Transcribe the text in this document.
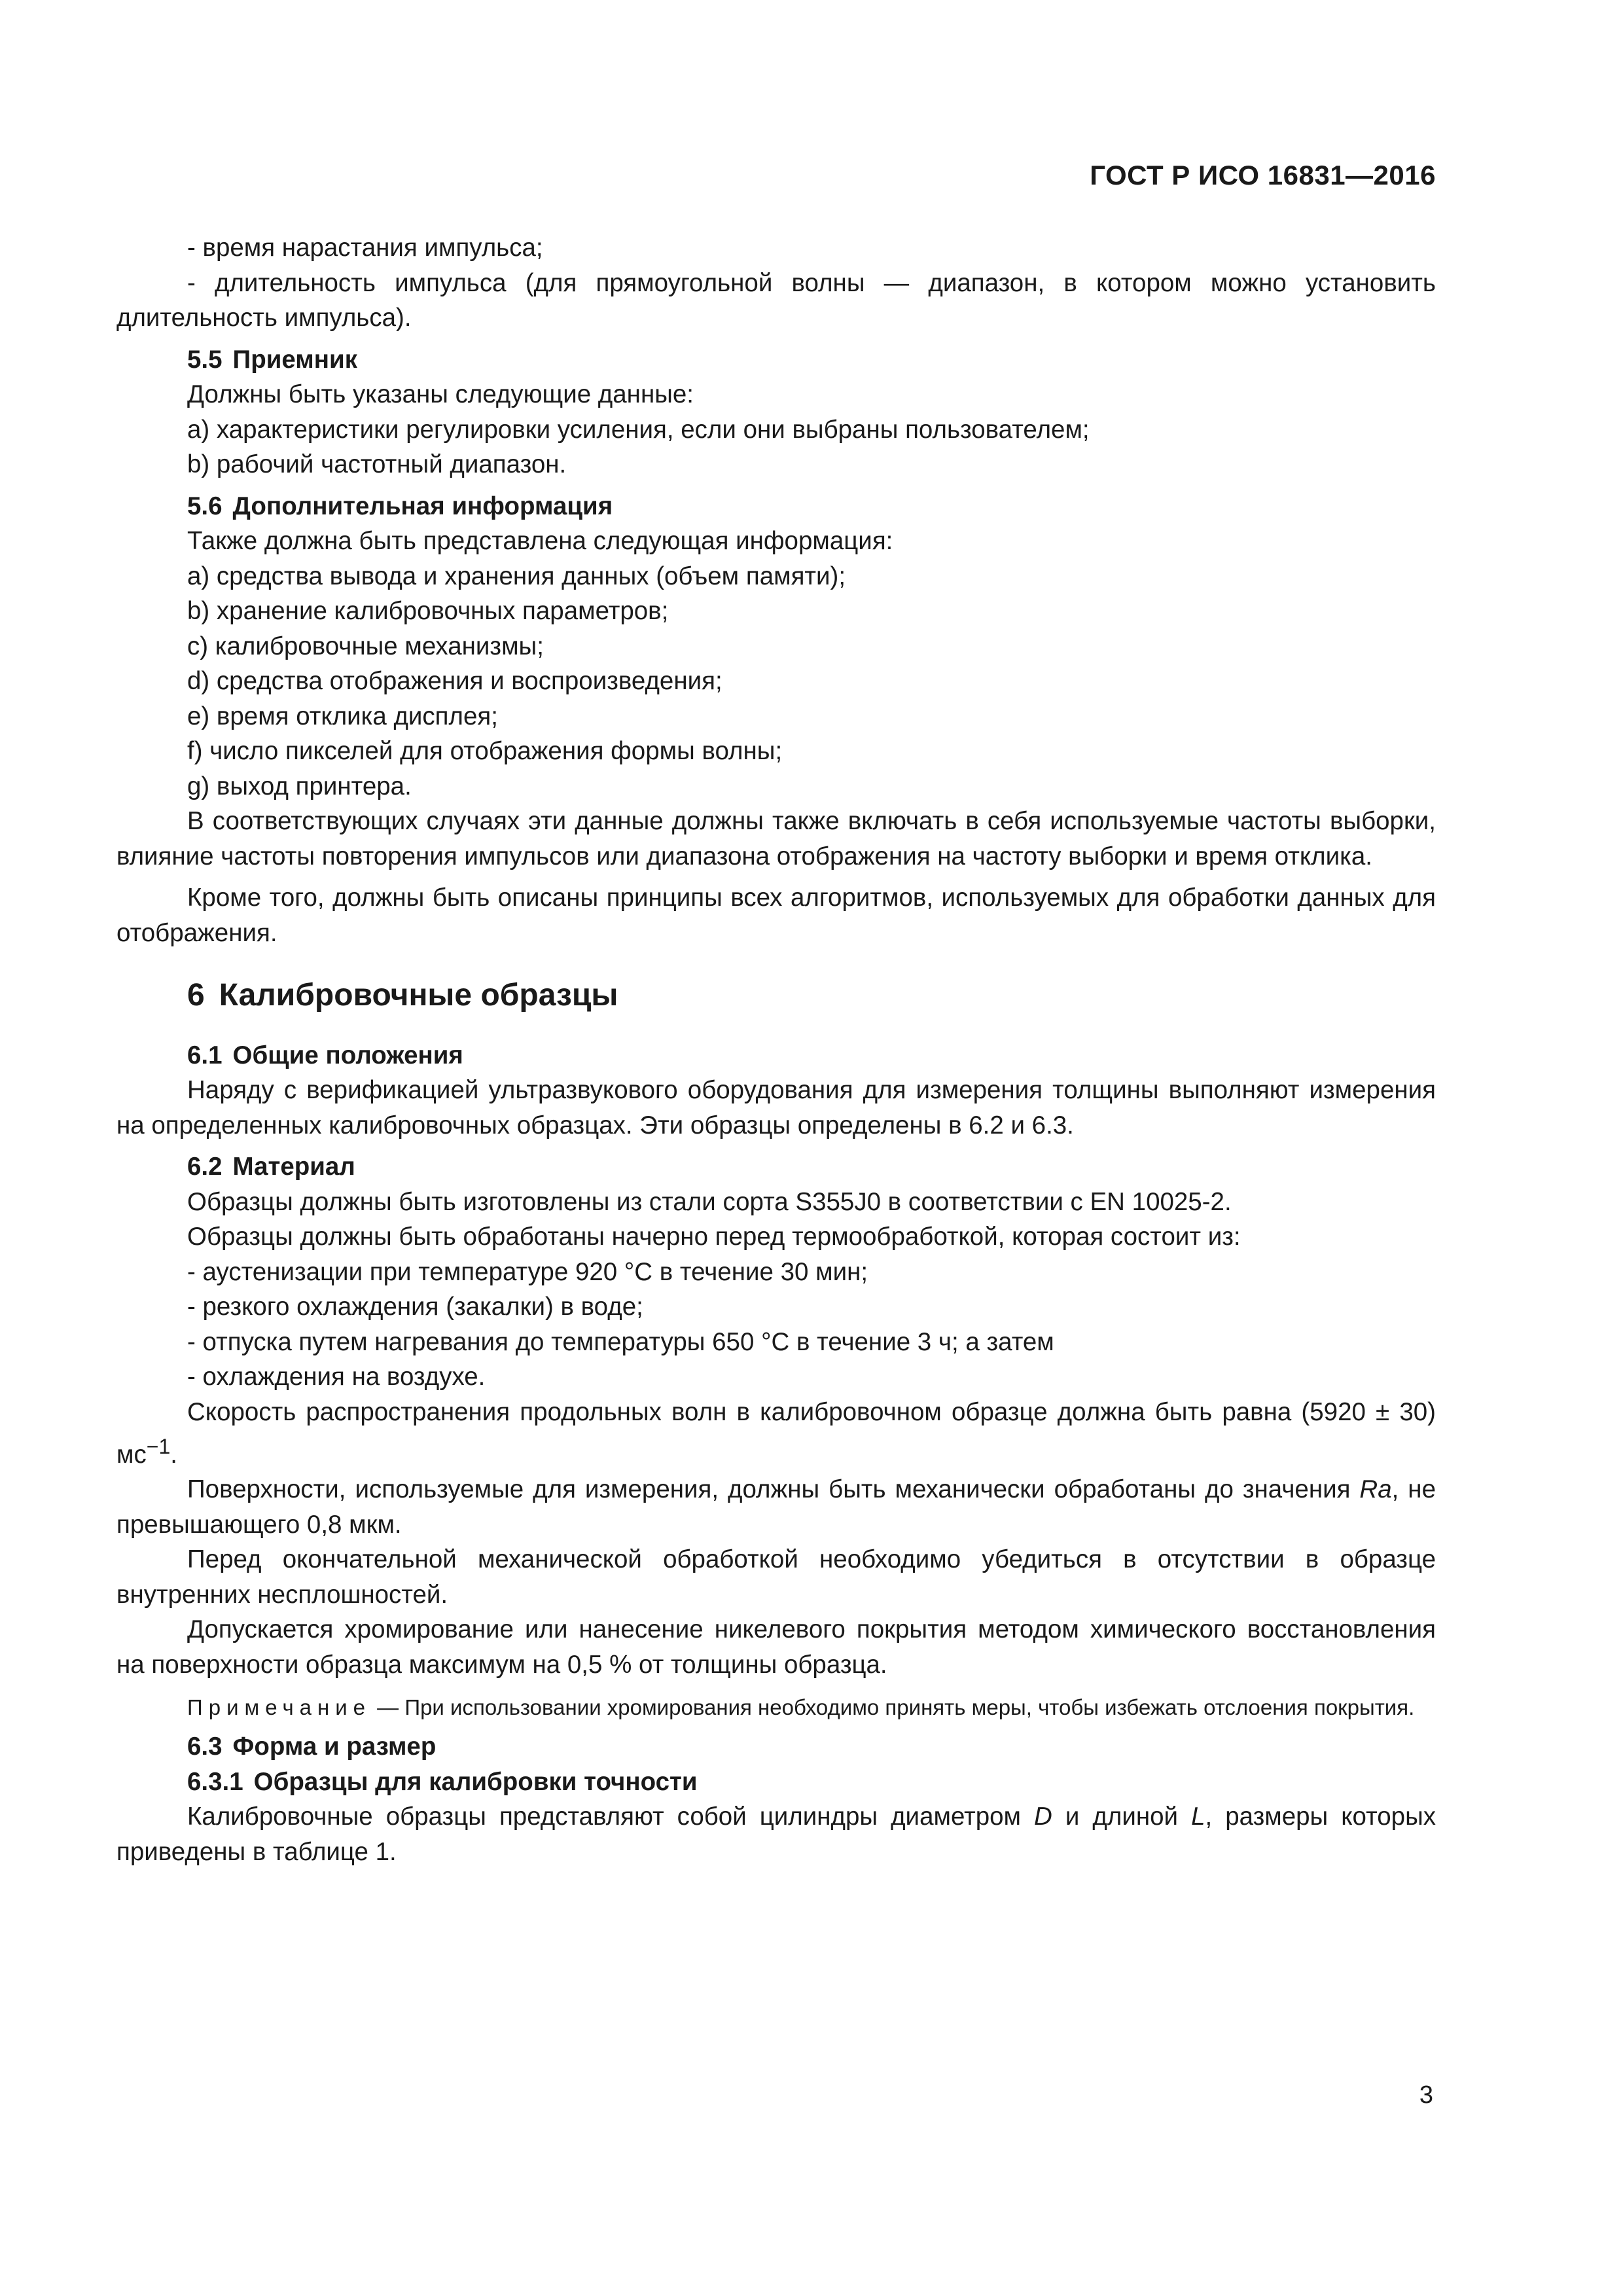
ГОСТ Р ИСО 16831—2016

- время нарастания импульса;

- длительность импульса (для прямоугольной волны — диапазон, в котором можно установить длительность импульса).

5.5 Приемник

Должны быть указаны следующие данные:

a) характеристики регулировки усиления, если они выбраны пользователем;

b) рабочий частотный диапазон.

5.6 Дополнительная информация

Также должна быть представлена следующая информация:

a) средства вывода и хранения данных (объем памяти);

b) хранение калибровочных параметров;

c) калибровочные механизмы;

d) средства отображения и воспроизведения;

e) время отклика дисплея;

f) число пикселей для отображения формы волны;

g) выход принтера.

В соответствующих случаях эти данные должны также включать в себя используемые частоты выборки, влияние частоты повторения импульсов или диапазона отображения на частоту выборки и время отклика.

Кроме того, должны быть описаны принципы всех алгоритмов, используемых для обработки данных для отображения.

6 Калибровочные образцы

6.1 Общие положения

Наряду с верификацией ультразвукового оборудования для измерения толщины выполняют измерения на определенных калибровочных образцах. Эти образцы определены в 6.2 и 6.3.

6.2 Материал

Образцы должны быть изготовлены из стали сорта S355J0 в соответствии с EN 10025-2.

Образцы должны быть обработаны начерно перед термообработкой, которая состоит из:

- аустенизации при температуре 920 °С в течение 30 мин;

- резкого охлаждения (закалки) в воде;

- отпуска путем нагревания до температуры 650 °С в течение 3 ч; а затем

- охлаждения на воздухе.

Скорость распространения продольных волн в калибровочном образце должна быть равна (5920 ± 30) $мс^{-1}$.

Поверхности, используемые для измерения, должны быть механически обработаны до значения Ra, не превышающего 0,8 мкм.

Перед окончательной механической обработкой необходимо убедиться в отсутствии в образце внутренних несплошностей.

Допускается хромирование или нанесение никелевого покрытия методом химического восстановления на поверхности образца максимум на 0,5 % от толщины образца.

Примечание — При использовании хромирования необходимо принять меры, чтобы избежать отслоения покрытия.

6.3 Форма и размер

6.3.1 Образцы для калибровки точности

Калибровочные образцы представляют собой цилиндры диаметром D и длиной L, размеры которых приведены в таблице 1.

3
